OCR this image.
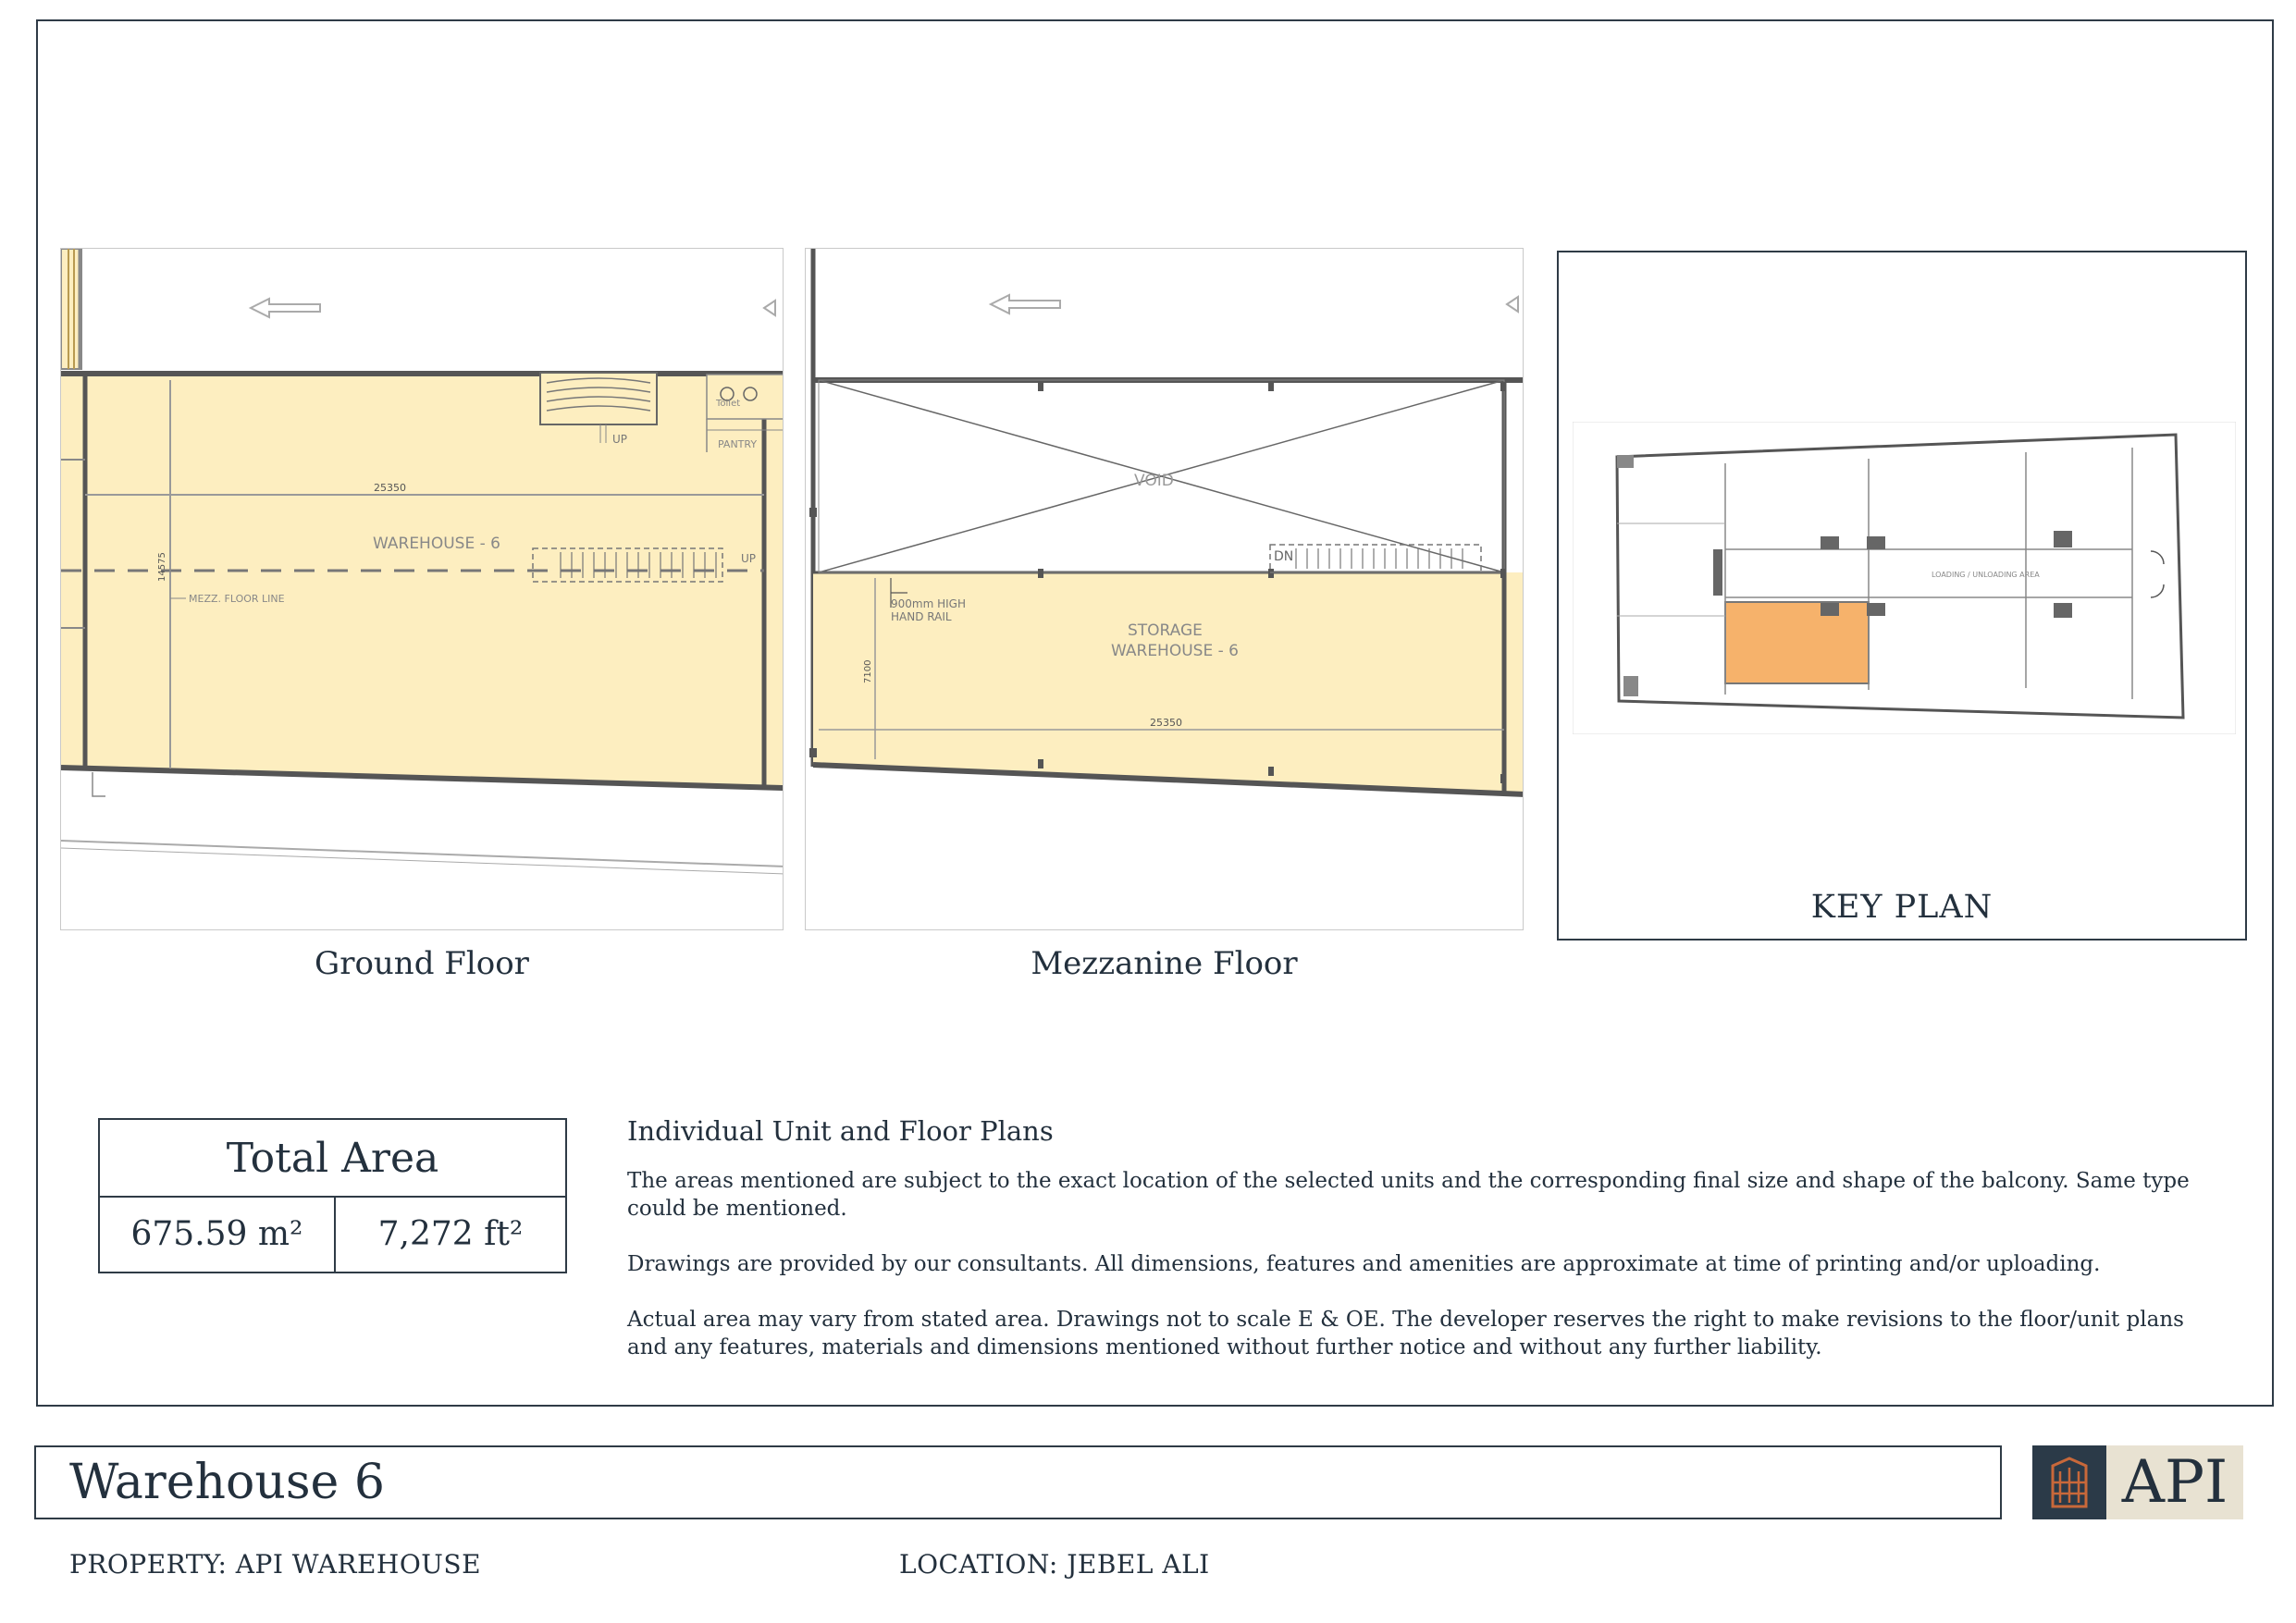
UP
Toilet
PANTRY
UP
25350
14575
WAREHOUSE - 6
MEZZ. FLOOR LINE
Ground Floor
DN
VOID
STORAGE
WAREHOUSE - 6
900mm HIGH
HAND RAIL
7100
25350
Mezzanine Floor
LOADING / UNLOADING AREA
KEY PLAN
Total Area
675.59 m²	7,272 ft²
Individual Unit and Floor Plans

The areas mentioned are subject to the exact location of the selected units and the corresponding final size and shape of the balcony. Same type could be mentioned.

Drawings are provided by our consultants. All dimensions, features and amenities are approximate at time of printing and/or uploading.

Actual area may vary from stated area. Drawings not to scale E & OE. The developer reserves the right to make revisions to the floor/unit plans and any features, materials and dimensions mentioned without further notice and without any further liability.

Warehouse 6	API
PROPERTY: API WAREHOUSE	LOCATION: JEBEL ALI
